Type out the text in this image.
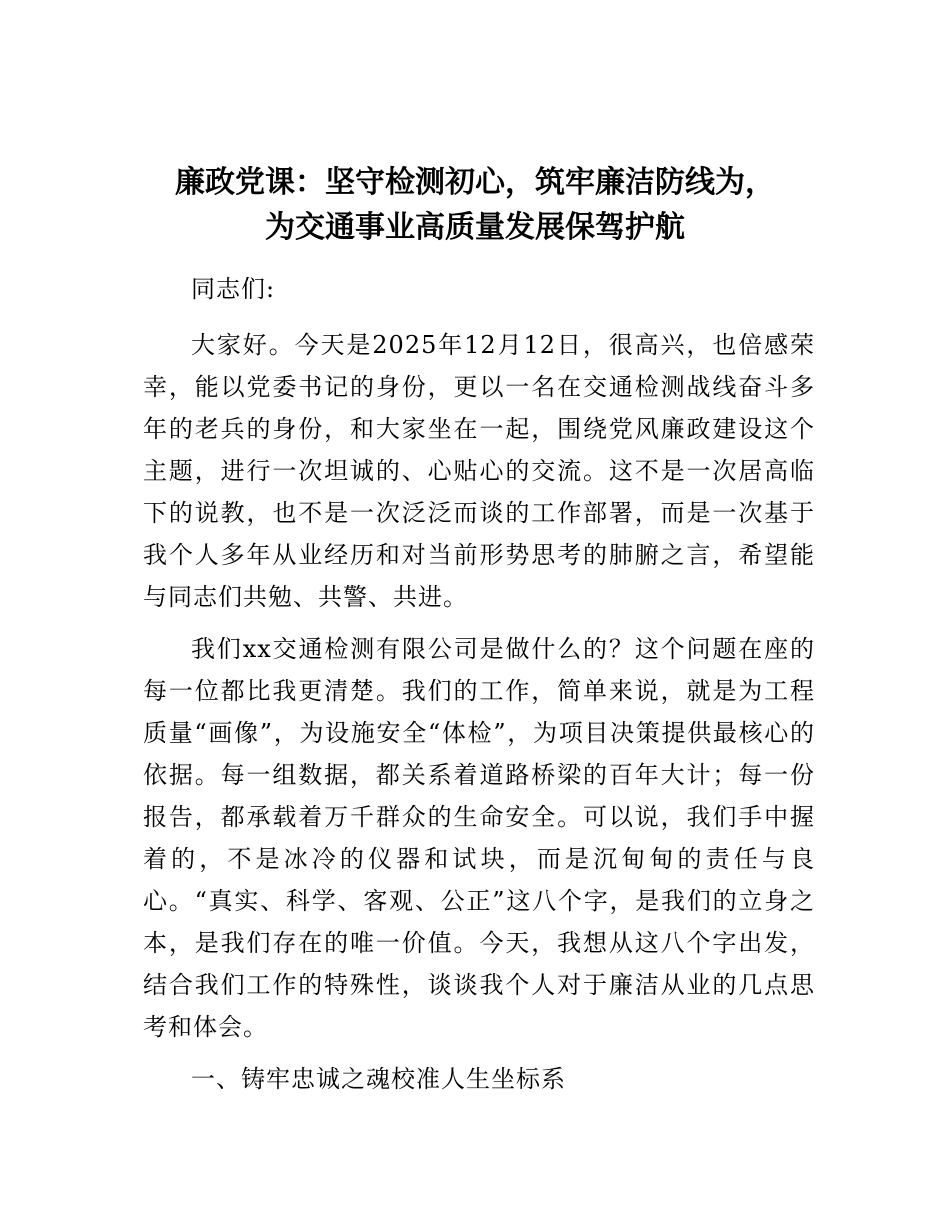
廉政党课：坚守检测初心，筑牢廉洁防线为，
为交通事业高质量发展保驾护航

同志们:

大家好。今天是2025年12月12日，很高兴，也倍感荣幸，能以党委书记的身份，更以一名在交通检测战线奋斗多年的老兵的身份，和大家坐在一起，围绕党风廉政建设这个主题，进行一次坦诚的、心贴心的交流。这不是一次居高临下的说教，也不是一次泛泛而谈的工作部署，而是一次基于我个人多年从业经历和对当前形势思考的肺腑之言，希望能与同志们共勉、共警、共进。

我们xx交通检测有限公司是做什么的？这个问题在座的每一位都比我更清楚。我们的工作，简单来说，就是为工程质量“画像”，为设施安全“体检”，为项目决策提供最核心的依据。每一组数据，都关系着道路桥梁的百年大计；每一份报告，都承载着万千群众的生命安全。可以说，我们手中握着的，不是冰冷的仪器和试块，而是沉甸甸的责任与良心。“真实、科学、客观、公正”这八个字，是我们的立身之本，是我们存在的唯一价值。今天，我想从这八个字出发，结合我们工作的特殊性，谈谈我个人对于廉洁从业的几点思考和体会。

一、铸牢忠诚之魂校准人生坐标系
